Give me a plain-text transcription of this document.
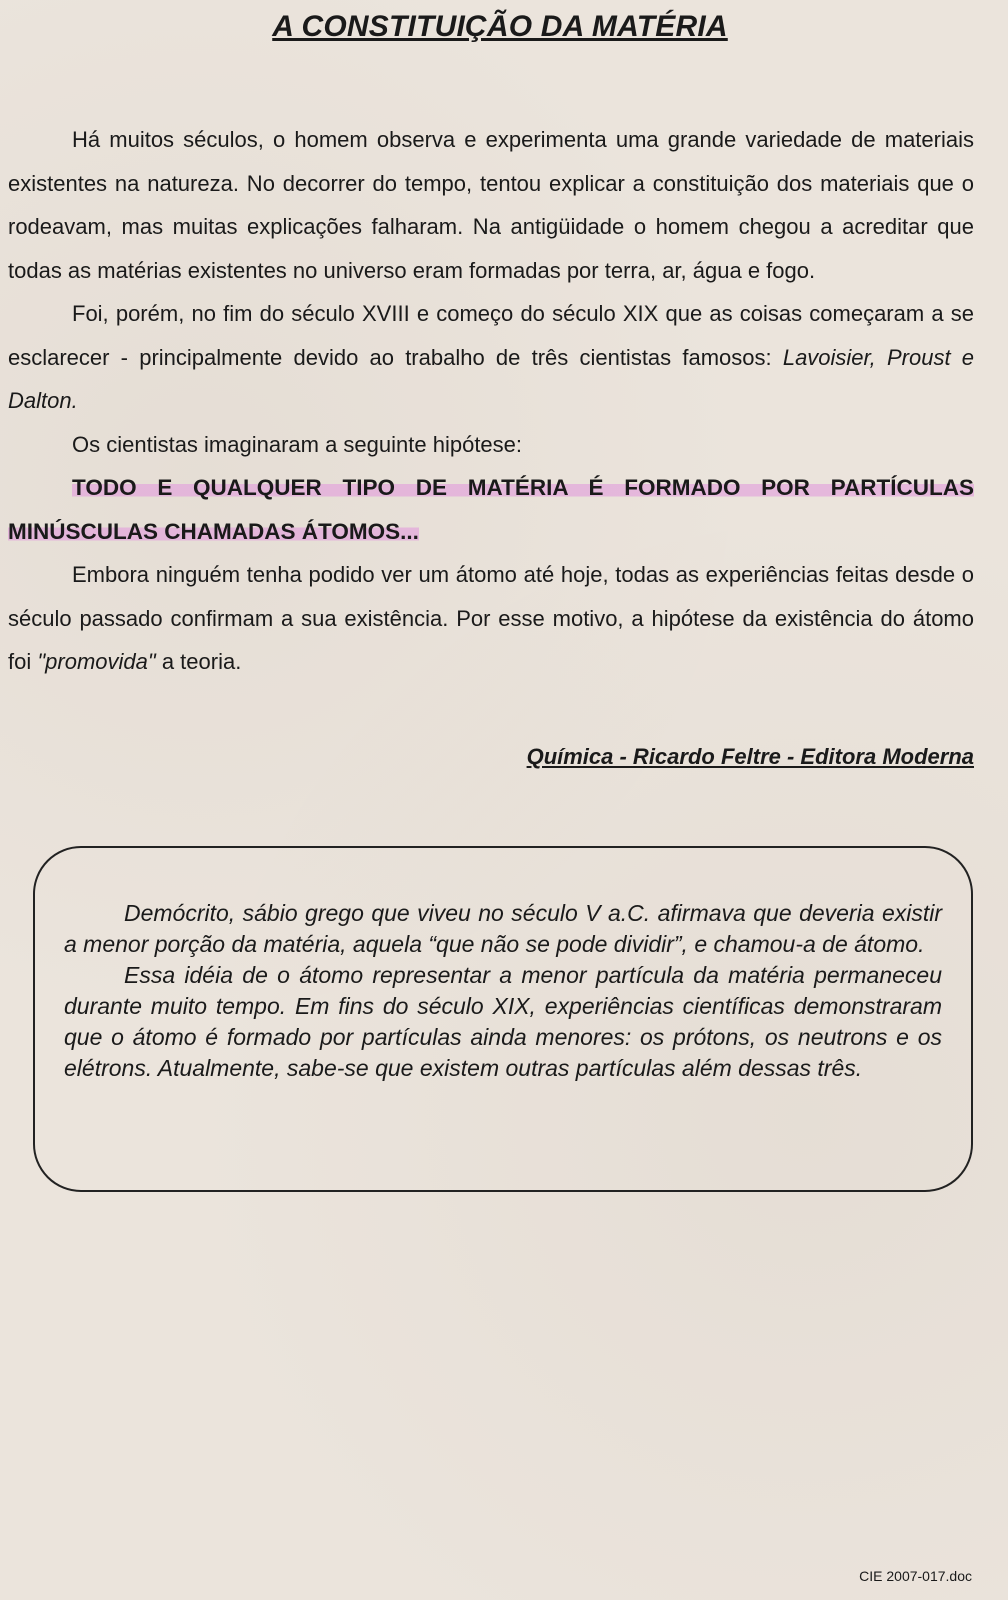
A CONSTITUIÇÃO DA MATÉRIA

Há muitos séculos, o homem observa e experimenta uma grande variedade de materiais existentes na natureza. No decorrer do tempo, tentou explicar a constituição dos materiais que o rodeavam, mas muitas explicações falharam. Na antigüidade o homem chegou a acreditar que todas as matérias existentes no universo eram formadas por terra, ar, água e fogo.

Foi, porém, no fim do século XVIII e começo do século XIX que as coisas começaram a se esclarecer - principalmente devido ao trabalho de três cientistas famosos: Lavoisier, Proust e Dalton.

Os cientistas imaginaram a seguinte hipótese:

TODO E QUALQUER TIPO DE MATÉRIA É FORMADO POR PARTÍCULAS MINÚSCULAS CHAMADAS ÁTOMOS...

Embora ninguém tenha podido ver um átomo até hoje, todas as experiências feitas desde o século passado confirmam a sua existência. Por esse motivo, a hipótese da existência do átomo foi "promovida" a teoria.

Química - Ricardo Feltre - Editora Moderna

Demócrito, sábio grego que viveu no século V a.C. afirmava que deveria existir a menor porção da matéria, aquela “que não se pode dividir”, e chamou-a de átomo.

Essa idéia de o átomo representar a menor partícula da matéria permaneceu durante muito tempo. Em fins do século XIX, experiências científicas demonstraram que o átomo é formado por partículas ainda menores: os prótons, os neutrons e os elétrons. Atualmente, sabe-se que existem outras partículas além dessas três.

CIE 2007-017.doc
